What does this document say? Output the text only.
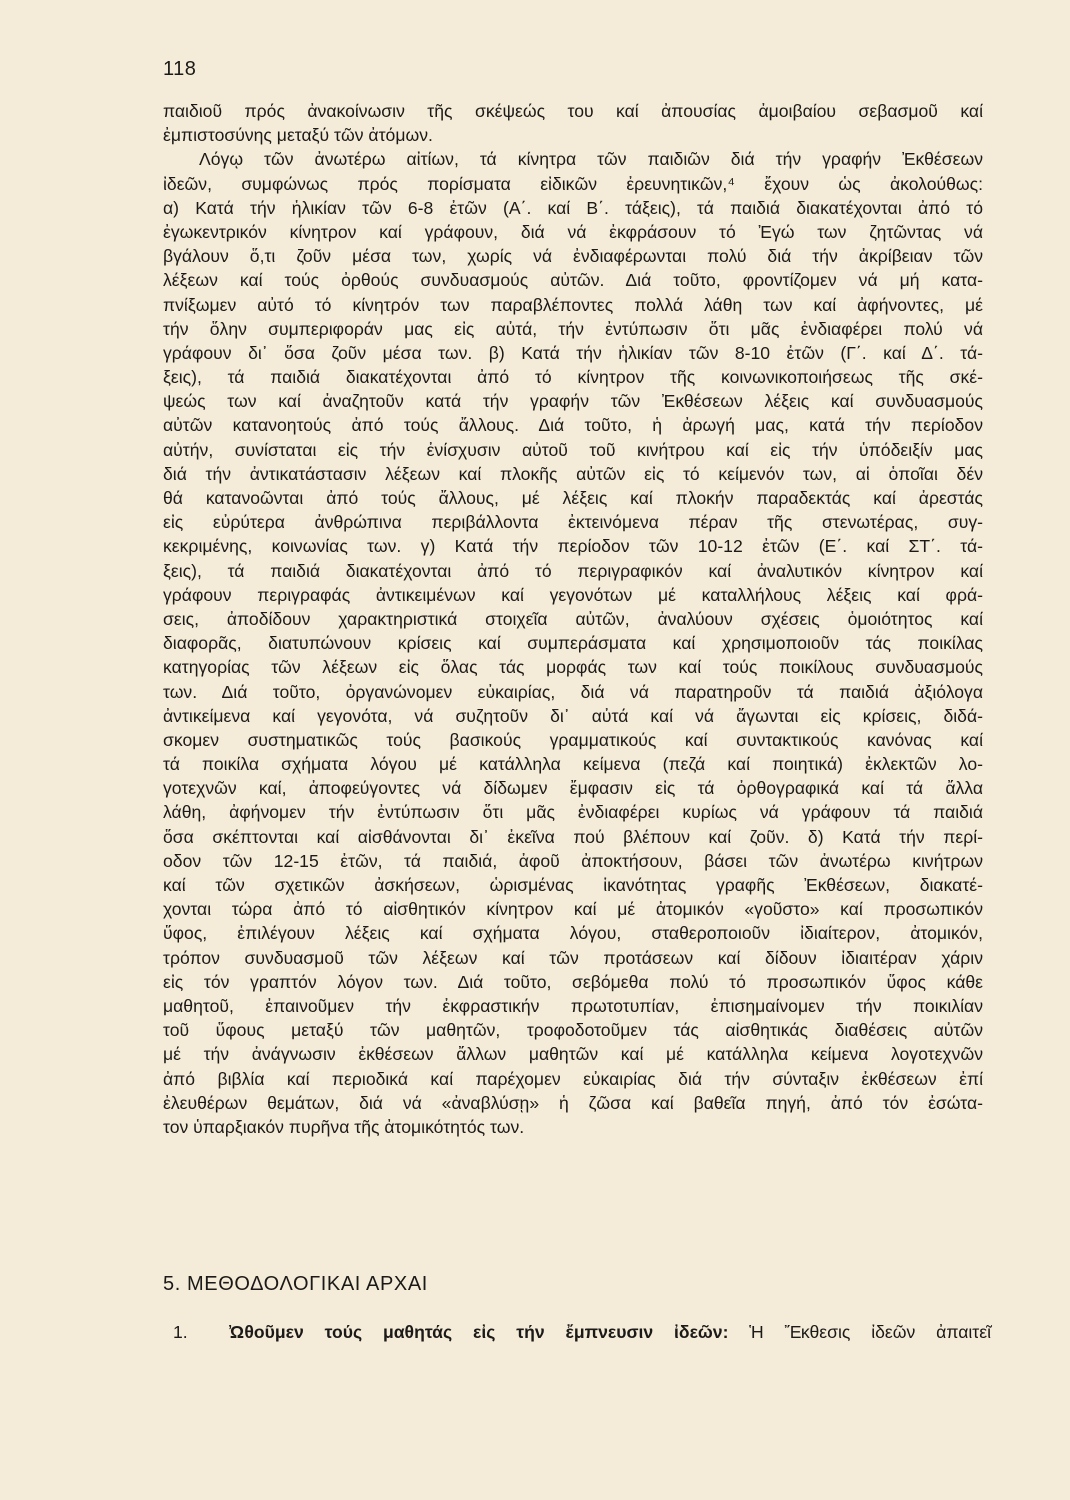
118
παιδιοῦ πρός ἀνακοίνωσιν τῆς σκέψεώς του καί ἀπουσίας ἀμοιβαίου σεβασμοῦ καί
ἐμπιστοσύνης μεταξύ τῶν ἀτόμων.
Λόγῳ τῶν ἀνωτέρω αἰτίων, τά κίνητρα τῶν παιδιῶν διά τήν γραφήν Ἐκθέσεων
ἰδεῶν, συμφώνως πρός πορίσματα εἰδικῶν ἐρευνητικῶν,⁴ ἔχουν ὡς ἀκολούθως:
α) Κατά τήν ἡλικίαν τῶν 6-8 ἐτῶν (Α΄. καί Β΄. τάξεις), τά παιδιά διακατέχονται ἀπό τό
ἐγωκεντρικόν κίνητρον καί γράφουν, διά νά ἐκφράσουν τό Ἐγώ των ζητῶντας νά
βγάλουν ὅ,τι ζοῦν μέσα των, χωρίς νά ἐνδιαφέρωνται πολύ διά τήν ἀκρίβειαν τῶν
λέξεων καί τούς ὀρθούς συνδυασμούς αὐτῶν. Διά τοῦτο, φροντίζομεν νά μή κατα-
πνίξωμεν αὐτό τό κίνητρόν των παραβλέποντες πολλά λάθη των καί ἀφήνοντες, μέ
τήν ὅλην συμπεριφοράν μας εἰς αὐτά, τήν ἐντύπωσιν ὅτι μᾶς ἐνδιαφέρει πολύ νά
γράφουν δι᾿ ὅσα ζοῦν μέσα των. β) Κατά τήν ἡλικίαν τῶν 8-10 ἐτῶν (Γ΄. καί Δ΄. τά-
ξεις), τά παιδιά διακατέχονται ἀπό τό κίνητρον τῆς κοινωνικοποιήσεως τῆς σκέ-
ψεώς των καί ἀναζητοῦν κατά τήν γραφήν τῶν Ἐκθέσεων λέξεις καί συνδυασμούς
αὐτῶν κατανοητούς ἀπό τούς ἄλλους. Διά τοῦτο, ἡ ἀρωγή μας, κατά τήν περίοδον
αὐτήν, συνίσταται εἰς τήν ἐνίσχυσιν αὐτοῦ τοῦ κινήτρου καί εἰς τήν ὑπόδειξίν μας
διά τήν ἀντικατάστασιν λέξεων καί πλοκῆς αὐτῶν εἰς τό κείμενόν των, αἱ ὁποῖαι δέν
θά κατανοῶνται ἀπό τούς ἄλλους, μέ λέξεις καί πλοκήν παραδεκτάς καί ἀρεστάς
εἰς εὐρύτερα ἀνθρώπινα περιβάλλοντα ἐκτεινόμενα πέραν τῆς στενωτέρας, συγ-
κεκριμένης, κοινωνίας των. γ) Κατά τήν περίοδον τῶν 10-12 ἐτῶν (Ε΄. καί ΣΤ΄. τά-
ξεις), τά παιδιά διακατέχονται ἀπό τό περιγραφικόν καί ἀναλυτικόν κίνητρον καί
γράφουν περιγραφάς ἀντικειμένων καί γεγονότων μέ καταλλήλους λέξεις καί φρά-
σεις, ἀποδίδουν χαρακτηριστικά στοιχεῖα αὐτῶν, ἀναλύουν σχέσεις ὁμοιότητος καί
διαφορᾶς, διατυπώνουν κρίσεις καί συμπεράσματα καί χρησιμοποιοῦν τάς ποικίλας
κατηγορίας τῶν λέξεων εἰς ὅλας τάς μορφάς των καί τούς ποικίλους συνδυασμούς
των. Διά τοῦτο, ὀργανώνομεν εὐκαιρίας, διά νά παρατηροῦν τά παιδιά ἀξιόλογα
ἀντικείμενα καί γεγονότα, νά συζητοῦν δι᾿ αὐτά καί νά ἄγωνται εἰς κρίσεις, διδά-
σκομεν συστηματικῶς τούς βασικούς γραμματικούς καί συντακτικούς κανόνας καί
τά ποικίλα σχήματα λόγου μέ κατάλληλα κείμενα (πεζά καί ποιητικά) ἐκλεκτῶν λο-
γοτεχνῶν καί, ἀποφεύγοντες νά δίδωμεν ἔμφασιν εἰς τά ὀρθογραφικά καί τά ἄλλα
λάθη, ἀφήνομεν τήν ἐντύπωσιν ὅτι μᾶς ἐνδιαφέρει κυρίως νά γράφουν τά παιδιά
ὅσα σκέπτονται καί αἰσθάνονται δι᾿ ἐκεῖνα πού βλέπουν καί ζοῦν. δ) Κατά τήν περί-
οδον τῶν 12-15 ἐτῶν, τά παιδιά, ἀφοῦ ἀποκτήσουν, βάσει τῶν ἀνωτέρω κινήτρων
καί τῶν σχετικῶν ἀσκήσεων, ὡρισμένας ἱκανότητας γραφῆς Ἐκθέσεων, διακατέ-
χονται τώρα ἀπό τό αἰσθητικόν κίνητρον καί μέ ἀτομικόν «γοῦστο» καί προσωπικόν
ὕφος, ἐπιλέγουν λέξεις καί σχήματα λόγου, σταθεροποιοῦν ἰδιαίτερον, ἀτομικόν,
τρόπον συνδυασμοῦ τῶν λέξεων καί τῶν προτάσεων καί δίδουν ἰδιαιτέραν χάριν
εἰς τόν γραπτόν λόγον των. Διά τοῦτο, σεβόμεθα πολύ τό προσωπικόν ὕφος κάθε
μαθητοῦ, ἐπαινοῦμεν τήν ἐκφραστικήν πρωτοτυπίαν, ἐπισημαίνομεν τήν ποικιλίαν
τοῦ ὕφους μεταξύ τῶν μαθητῶν, τροφοδοτοῦμεν τάς αἰσθητικάς διαθέσεις αὐτῶν
μέ τήν ἀνάγνωσιν ἐκθέσεων ἄλλων μαθητῶν καί μέ κατάλληλα κείμενα λογοτεχνῶν
ἀπό βιβλία καί περιοδικά καί παρέχομεν εὐκαιρίας διά τήν σύνταξιν ἐκθέσεων ἐπί
ἐλευθέρων θεμάτων, διά νά «ἀναβλύσῃ» ἡ ζῶσα καί βαθεῖα πηγή, ἀπό τόν ἐσώτα-
τον ὑπαρξιακόν πυρῆνα τῆς ἀτομικότητός των.
5. ΜΕΘΟΔΟΛΟΓΙΚΑΙ ΑΡΧΑΙ
1. Ὠθοῦμεν τούς μαθητάς εἰς τήν ἔμπνευσιν ἰδεῶν: Ἡ Ἔκθεσις ἰδεῶν ἀπαιτεῖ
